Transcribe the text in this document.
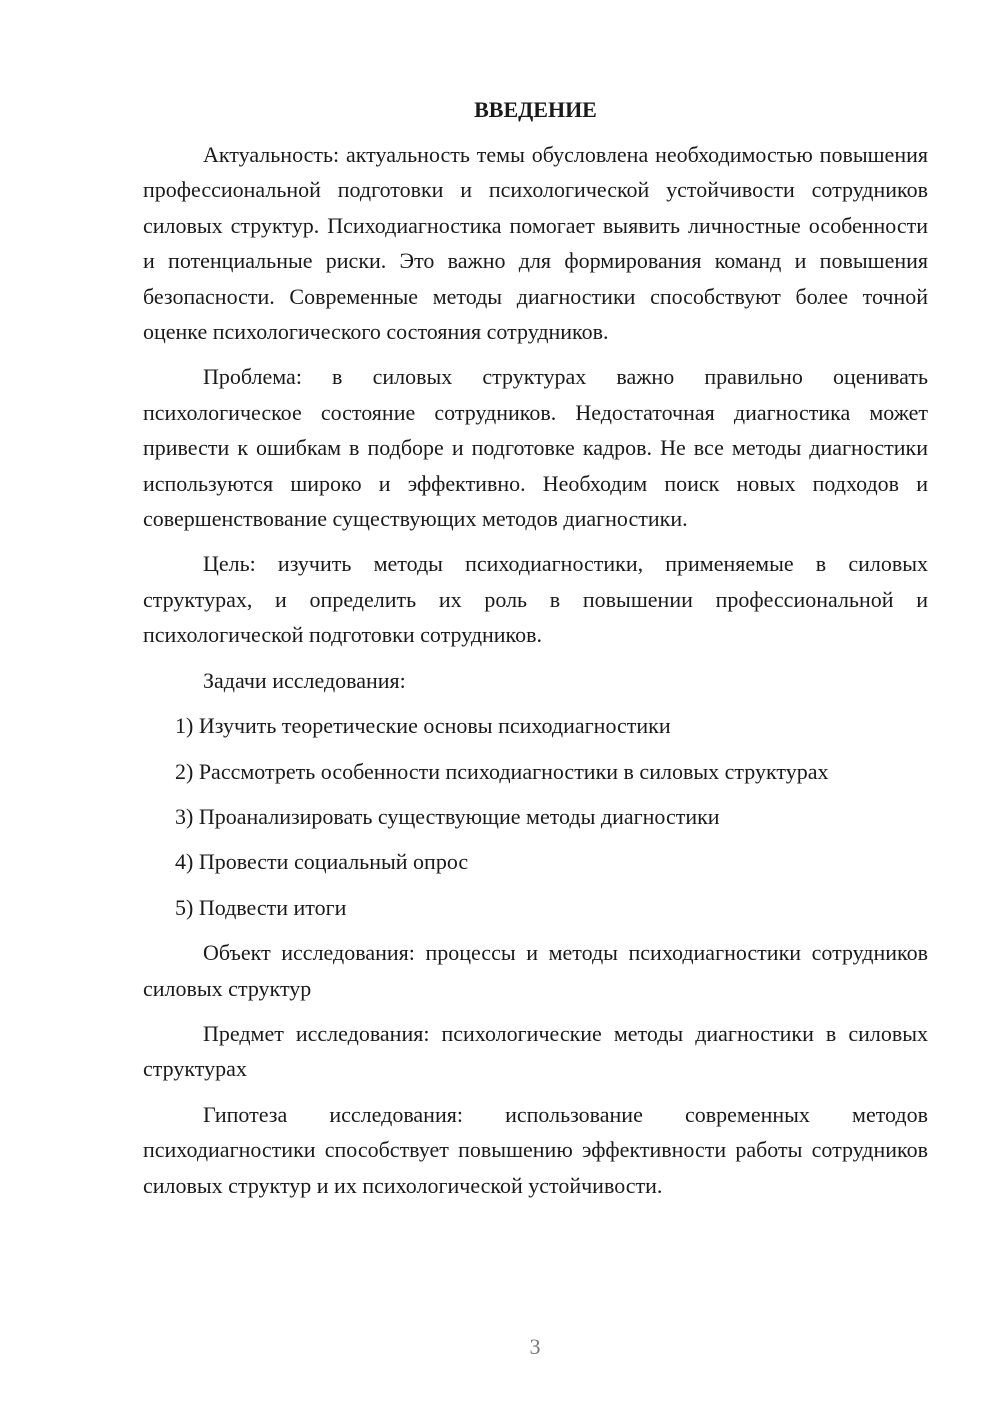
ВВЕДЕНИЕ

Актуальность: актуальность темы обусловлена необходимостью повышения профессиональной подготовки и психологической устойчивости сотрудников силовых структур. Психодиагностика помогает выявить личностные особенности и потенциальные риски. Это важно для формирования команд и повышения безопасности. Современные методы диагностики способствуют более точной оценке психологического состояния сотрудников.

Проблема: в силовых структурах важно правильно оценивать психологическое состояние сотрудников. Недостаточная диагностика может привести к ошибкам в подборе и подготовке кадров. Не все методы диагностики используются широко и эффективно. Необходим поиск новых подходов и совершенствование существующих методов диагностики.

Цель: изучить методы психодиагностики, применяемые в силовых структурах, и определить их роль в повышении профессиональной и психологической подготовки сотрудников.

Задачи исследования:

1) Изучить теоретические основы психодиагностики
2) Рассмотреть особенности психодиагностики в силовых структурах
3) Проанализировать существующие методы диагностики
4) Провести социальный опрос
5) Подвести итоги

Объект исследования: процессы и методы психодиагностики сотрудников силовых структур

Предмет исследования: психологические методы диагностики в силовых структурах

Гипотеза исследования: использование современных методов психодиагностики способствует повышению эффективности работы сотрудников силовых структур и их психологической устойчивости.

3
